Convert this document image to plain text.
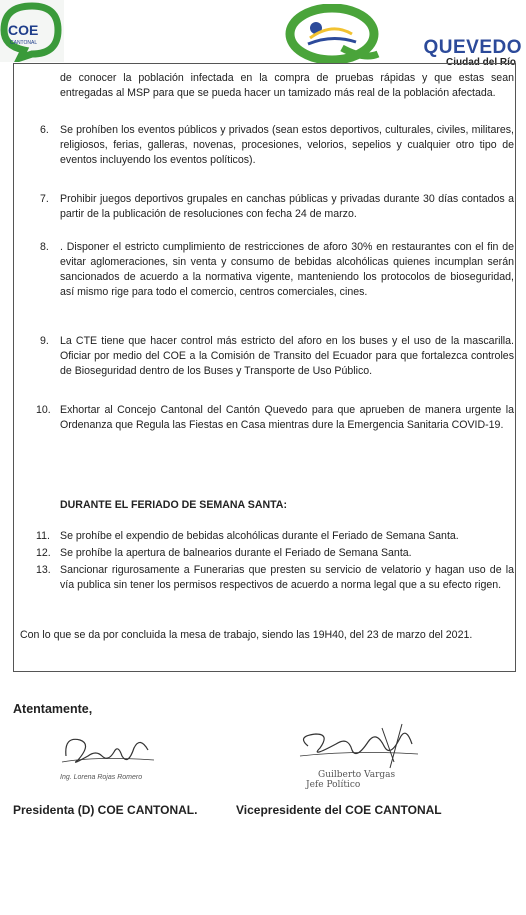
COE
CANTONAL	QUEVEDO
Ciudad del Río
de conocer la población infectada en la compra de pruebas rápidas y que estas sean entregadas al MSP para que se pueda hacer un tamizado más real de la población afectada.
6. Se prohíben los eventos públicos y privados (sean estos deportivos, culturales, civiles, militares, religiosos, ferias, galleras, novenas, procesiones, velorios, sepelios y cualquier otro tipo de eventos incluyendo los eventos políticos).
7. Prohibir juegos deportivos grupales en canchas públicas y privadas durante 30 días contados a partir de la publicación de resoluciones con fecha 24 de marzo.
8. . Disponer el estricto cumplimiento de restricciones de aforo 30% en restaurantes con el fin de evitar aglomeraciones, sin venta y consumo de bebidas alcohólicas quienes incumplan serán sancionados de acuerdo a la normativa vigente, manteniendo los protocolos de bioseguridad, así mismo rige para todo el comercio, centros comerciales, cines.
9. La CTE tiene que hacer control más estricto del aforo en los buses y el uso de la mascarilla. Oficiar por medio del COE a la Comisión de Transito del Ecuador para que fortalezca controles de Bioseguridad dentro de los Buses y Transporte de Uso Público.
10. Exhortar al Concejo Cantonal del Cantón Quevedo para que aprueben de manera urgente la Ordenanza que Regula las Fiestas en Casa mientras dure la Emergencia Sanitaria COVID-19.
DURANTE EL FERIADO DE SEMANA SANTA:
11. Se prohíbe el expendio de bebidas alcohólicas durante el Feriado de Semana Santa.
12. Se prohíbe la apertura de balnearios durante el Feriado de Semana Santa.
13. Sancionar rigurosamente a Funerarias que presten su servicio de velatorio y hagan uso de la vía publica sin tener los permisos respectivos de acuerdo a norma legal que a su efecto rigen.
Con lo que se da por concluida la mesa de trabajo, siendo las 19H40, del 23 de marzo del 2021.
Atentamente,
Ing. Lorena Rojas Romero	Guilberto Vargas
Jefe Político
Presidenta (D) COE CANTONAL.	Vicepresidente del COE CANTONAL
